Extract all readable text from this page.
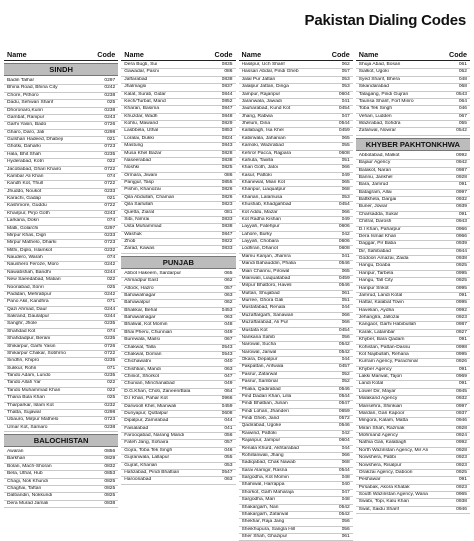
Pakistan Dialing Codes
Name	Code
SINDH
Badin Talhar	0297
Bhiria Road, Bhiria City	0242
Chore, Pithoro	0238
Dadu, Sehwan Sharif	025
Dhoronaro,Kunri	0238
Gambat, Ranipur	0243
Garhi Yasin, Bado	0726
Gharo, Daro, Jati	0298
Gulshan Hadeed, Dhabeji	021
Ghotki, Daharki	0723
Hala, Bhit Shah	0235
Hyderabad, Kotri	022
Jacobabad, Ghari Khairo	0722
Kambar Ali Khan	074
Kandh Kot, Thull	0722
Jhuddo, Noukot	0233
Karachi, Gadap	021
Kashmore, Guddu	0722
Khairpur, Pirjo Goth	0243
Larkana, Dokri	074
Matli, Golarchi	0297
Mirpur Khas, Digri	0233
Mirpur Mathelo, Dharki	0723
Mithi, Diplo, Islamkot	0232
Naudero, Warah	074
Naushero Feroze, Moro	0242
Nawabshah, Bandhi	0244
New Saeedabad, Matiari	022
Nooriabad, Sonri	025
Padidan, Mehrabpur	0242
Pano Akil, Kandhra	071
Qazi Ahmad, Daur	0244
Sakrand, Daulatpur	0244
Sanghr, Jhole	0235
Shahdad Kot	074
Shahdadpur, Berani	0235
Shikarpur, Garhi Yasin	0726
Shikarpur Chakar, Sobhrno	0722
Sindhri, Khipro	0235
Sukkur, Rohri	071
Tando Adam, Lundo	0235
Tando Allah Yar	022
Tando Muhammad Khan	022
Thana Bula Khan	025
Tharparkar, Islam Kot	0232
Thatta, Sujawal	0298
Ubauro, Mirpur Mathelo	0723
Umar Kot, Samaro	0238
BALOCHISTAN
Awaran	0856
Barkhan	0829
Bolan, Mach-Shoran	0832
Bela, Uthal, Hub	0853
Chagi, Nok Khundi	0825
Chaghai, Taftan	0825
Dalbandin, Nokkundi	0825
Dera Murad Jamali	0838
Name	Code
Dera Bugti, Sui	0835
Gawadar, Pasni	086
Jaffarabad	0838
Jhalmagsi	0837
Kalat, Surab, Gidar	0844
Kech/Turbat, Mand	0852
Kharan, Basima	0847
Khuzdar, Wadh	0848
Kohlu, Mawand	0829
Lasbbela, Uthal	0853
Loralai, Dukki	0824
Mastung	0843
Musa Khel Bazar	0828
Naseerabad	0838
Noshki	0825
Ormara, Jiwani	086
Panjgur, Tasp	0855
Pishin, Khanozai	0826
Qila Abdullah, Chaman	0826
Qila Saifullah	0823
Quetta, Ziarat	081
Sibi, Nimrai	0833
Usta Muhammad	0838
Washuk	0847
Zhob	0822
Zarad, Kawas	0833
PUNJAB
Abbot Hakeem, Sardarpur	065
Ahmadpur East	062
Attock, Hazro	057
Bahawalnagar	063
Bahawalpur	062
Bhakkar, Behal	0453
Bahawalnagar	063
Bhalwal, Kot Momin	048
Bhai Pheru, Chunnian	049
Burewala, Mailsi	067
Chakwal, Talla	0543
Chakwal, Doman	0543
Chichawatni	040
Chishtian, Mandi	063
Chiniot, Shorkot	047
Chunian, Minchanabad	049
D.G.Khan, Choti, Zaneen/Bala	064
D.I Khan, Pahar Kot	0966
Darwooll Khel, Mianwali	0459
Dunyapur, Quttalpur	0608
Dipalpur, Zamirabad	044
Faisalabad	041
Farooqabad, Narang Mandi	056
Fateh Jang, Sohaira	057
Gojra, Toba Tek Singh	046
Gujranwala, Lallapur	055
Gujrat, Kharian	053
Hafizabad, Pindi Bhattian	0547
Haroonabad	063
Name	Code
Hasilpur, Uch Sharif	062
Hassan Abdal, Pindi Gheb	057
Jalal Pur Jattan	053
Jalalpur Jattan, Dinga	053
Jampur, Rajanpur	0604
Jaranwala, Jawadi	041
Jauharabad, Kund Kot	0454
Jhang, Rabwa	047
Jhelum, Dina	0544
Kallabagh, Isa Khel	0459
Kabirwala, Jahanian	065
Kamoki, Wazirabad	055
Kehror Pacca, Rajpara	0608
Kahuta, Taxilla	051
Khan Goth, Jatoi	066
Kasur, Pattoki	049
Khanewal, Mian Kot	065
Khanpur, Liaquatpur	068
Kharian, Lalamusa	053
Khushab, Khadgahbad	0454
Kot Addu, Mazar	066
Kot Radha Kishan	049
Layyah, Fatehpur	0606
Lahore, Burky	042
Layyah, Chobara	0606
Lodhran, Dhanot	0608
Mamu Kanjan, Jhamra	041
Mandi Bahauddin, Phalia	0546
Mian Channu, Pirowal	065
Mianwali, Liaquatabad	0459
Mirpur Bhattoro, Haveli	0546
Multan, Shujabad	061
Murree, Ghora Gali	051
Mustafabad, Renala	044
Muzaffargarh, Sanawan	066
Muzaffarabad, Ali Pur	066
Mustafa Kot	0454
Nankana Sahib	056
Narowal, Sucha	0542
Narowal, Jarwal	0542
Okara, Depalpur	044
Pakpattan, Arifwala	0457
Pasrur, Zafarwal	052
Pasrur, Sambrial	052
Phalia, Qadirabad	0546
Pind Dadan Khan, Lilla	0544
Pindi Bhattian, Jurian	0547
Pindi Lohan, Jhanderi	0659
Pindi Gheb, Jand	0572
Qadirabad, Ugoke	0546
Raiwind, Pattoki	042
Rajanpur, Jampur	0604
Renala Khurd, Akhtarabad	044
Rohillanwali, Jhang	066
Sadiqabad, Chak Nawab	068
Sarai Alamgir, Rasna	0544
Sargodha, Kot Momin	048
Shahiwal, Harrappa	040
Shorkot, Garh Maharaja	047
Sargodha, Mari	048
Shakargarh, Nan	0542
Shakargarh, Zafarwal	0542
Shekhar, Raja Jang	056
Sheikhupura, Sangla Hill	056
Sher Shah, Ghazipur	061
Name	Code
Shuja Abad, Bosan	061
Sialkot, Ugoki	052
Syed Sharif, Bhera	048
Sikandarabad	068
Talagang, Pindi Gujran	0543
Taunsa Sharif, Fort Minro	064
Toba Tek Singh	046
Vehari, Ludden	067
Wazirabad, Sohdra	055
Zafarwal, Nowrar	0542
KHYBER PAKHTONKHWA
Abbotabad, Malkot	0992
Bajaur Agency	0942
Balakot, Naran	0987
Bannu, Jankhel	0928
Bara, Jamrud	091
Batagram, Allai	0997
Battkhela, Dargai	0932
Buner, Jowar	0939
Charsadda, Sukar	091
Chitral, Darosh	0943
D.I Khan, Paharpur	0966
Dera Ismail Khan	0966
Daggar, Pir Baba	0939
Dir, Sahibabad	0944
Godoon Amazai, Zaida	0938
Hangu, Doaba	0925
Haripur, Tarbela	0995
Hangu, Tall City	0925
Haripur Srikot	0995
Jamrud, Landi Kotal	091
Hattar, Kalabat Town	0995
Havelian, Aydria	0992
Jehanglra, Jallozai	0923
Kangaor, Garhi Habibullah	0987
Karak, Latambar	0927
Khyber, Bara Qadam	091
Kohistan, Pattan-Dassu	0998
Kot Najibullah, Rehana	0995
Kurram Agency, Parachinar	0926
Khyber Agency	091
Lakki Marwat, Tajori	0969
Landi Kotal	091
Lower Dir, Mayar	0945
Malakand Agency	0932
Mansehra, Shinkiari	0997
Mardan, Gari Kapoor	0937
Mingora, Kalam, Matta	0946
Miran Shah, Razmak	0928
Mohmand Agency	0924
Nathia Gali, Kalabagh	0992
North Waziristan Agency, Mir Ali	0928
Nowshera, Pabbi	0923
Nowshera, Risalpur	0923
Orakzai Agency, Daboori	0925
Peshawar	091
Pirsabak, Akora Khatak	0923
South Waziristan Agency, Wana	0965
Swabi, Topi, Kalu Khan	0938
Swat, Saidu Sharif	0946
